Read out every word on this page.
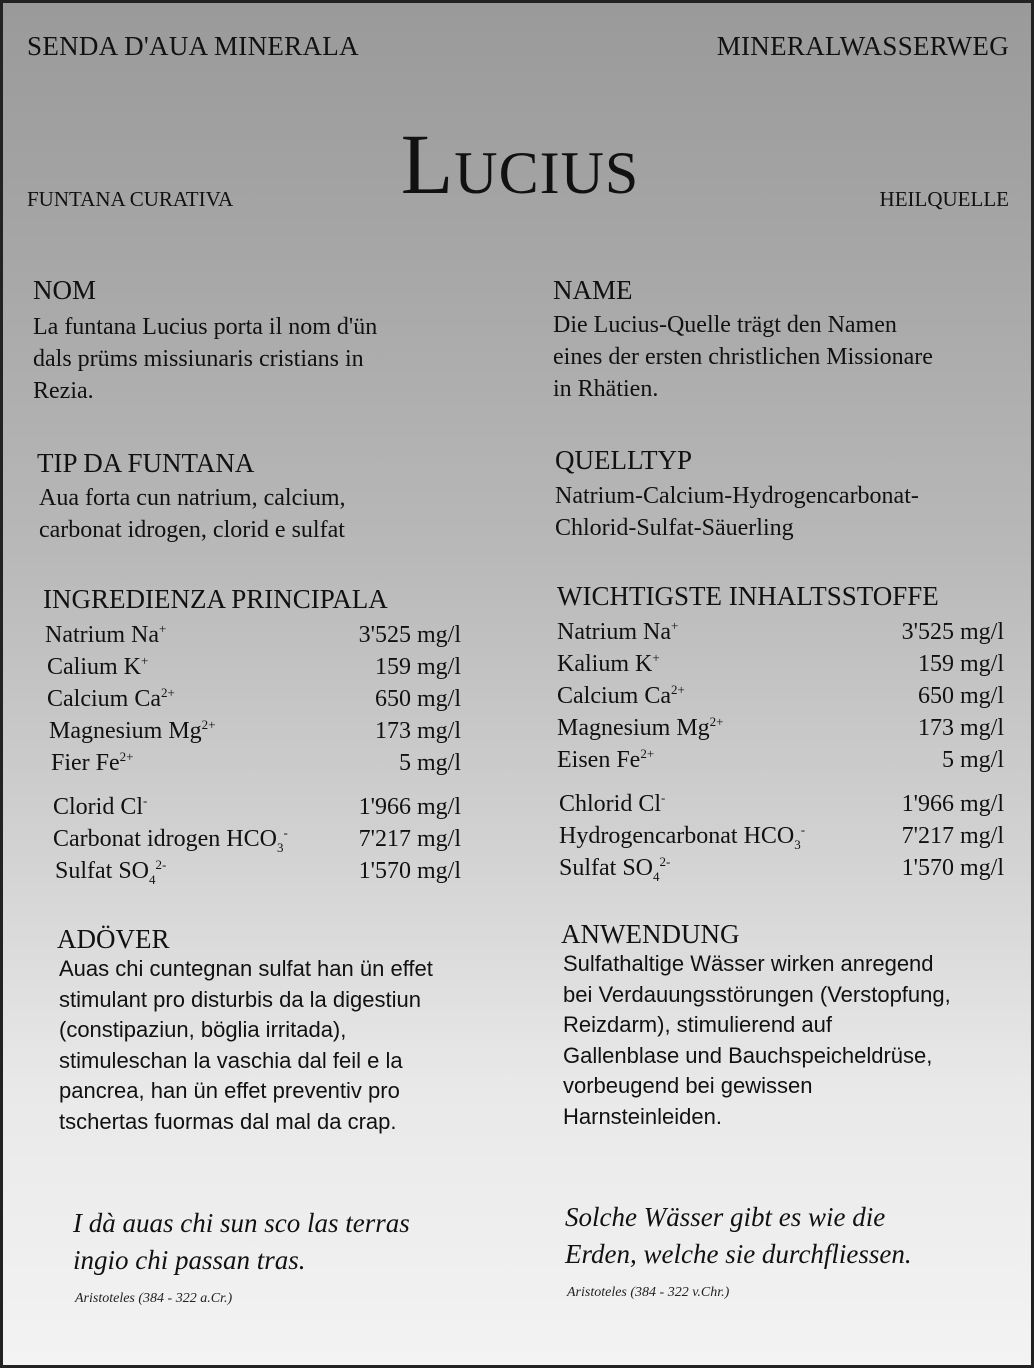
SENDA D'AUA MINERALA	MINERALWASSERWEG
FUNTANA CURATIVA	Lucius	HEILQUELLE
NOM
La funtana Lucius porta il nom d'ün
dals prüms missiunaris cristians in
Rezia.
TIP DA FUNTANA
Aua forta cun natrium, calcium,
carbonat idrogen, clorid e sulfat
INGREDIENZA PRINCIPALA
Natrium Na+	3'525 mg/l
Calium K+	159 mg/l
Calcium $Ca^{2+}$	650 mg/l
Magnesium $Mg^{2+}$	173 mg/l
Fier $Fe^{2+}$	5 mg/l
Clorid Cl-	1'966 mg/l
Carbonat idrogen $HCO_3^-$	7'217 mg/l
Sulfat $SO_4^{2-}$	1'570 mg/l
ADÖVER
Auas chi cuntegnan sulfat han ün effet
stimulant pro disturbis da la digestiun
(constipaziun, böglia irritada),
stimuleschan la vaschia dal feil e la
pancrea, han ün effet preventiv pro
tschertas fuormas dal mal da crap.
I dà auas chi sun sco las terras
ingio chi passan tras.
Aristoteles (384 - 322 a.Cr.)
NAME
Die Lucius-Quelle trägt den Namen
eines der ersten christlichen Missionare
in Rhätien.
QUELLTYP
Natrium-Calcium-Hydrogencarbonat-
Chlorid-Sulfat-Säuerling
WICHTIGSTE INHALTSSTOFFE
Natrium Na+	3'525 mg/l
Kalium K+	159 mg/l
Calcium $Ca^{2+}$	650 mg/l
Magnesium $Mg^{2+}$	173 mg/l
Eisen $Fe^{2+}$	5 mg/l
Chlorid Cl-	1'966 mg/l
Hydrogencarbonat $HCO_3^-$	7'217 mg/l
Sulfat $SO_4^{2-}$	1'570 mg/l
ANWENDUNG
Sulfathaltige Wässer wirken anregend
bei Verdauungsstörungen (Verstopfung,
Reizdarm), stimulierend auf
Gallenblase und Bauchspeicheldrüse,
vorbeugend bei gewissen
Harnsteinleiden.
Solche Wässer gibt es wie die
Erden, welche sie durchfliessen.
Aristoteles (384 - 322 v.Chr.)
